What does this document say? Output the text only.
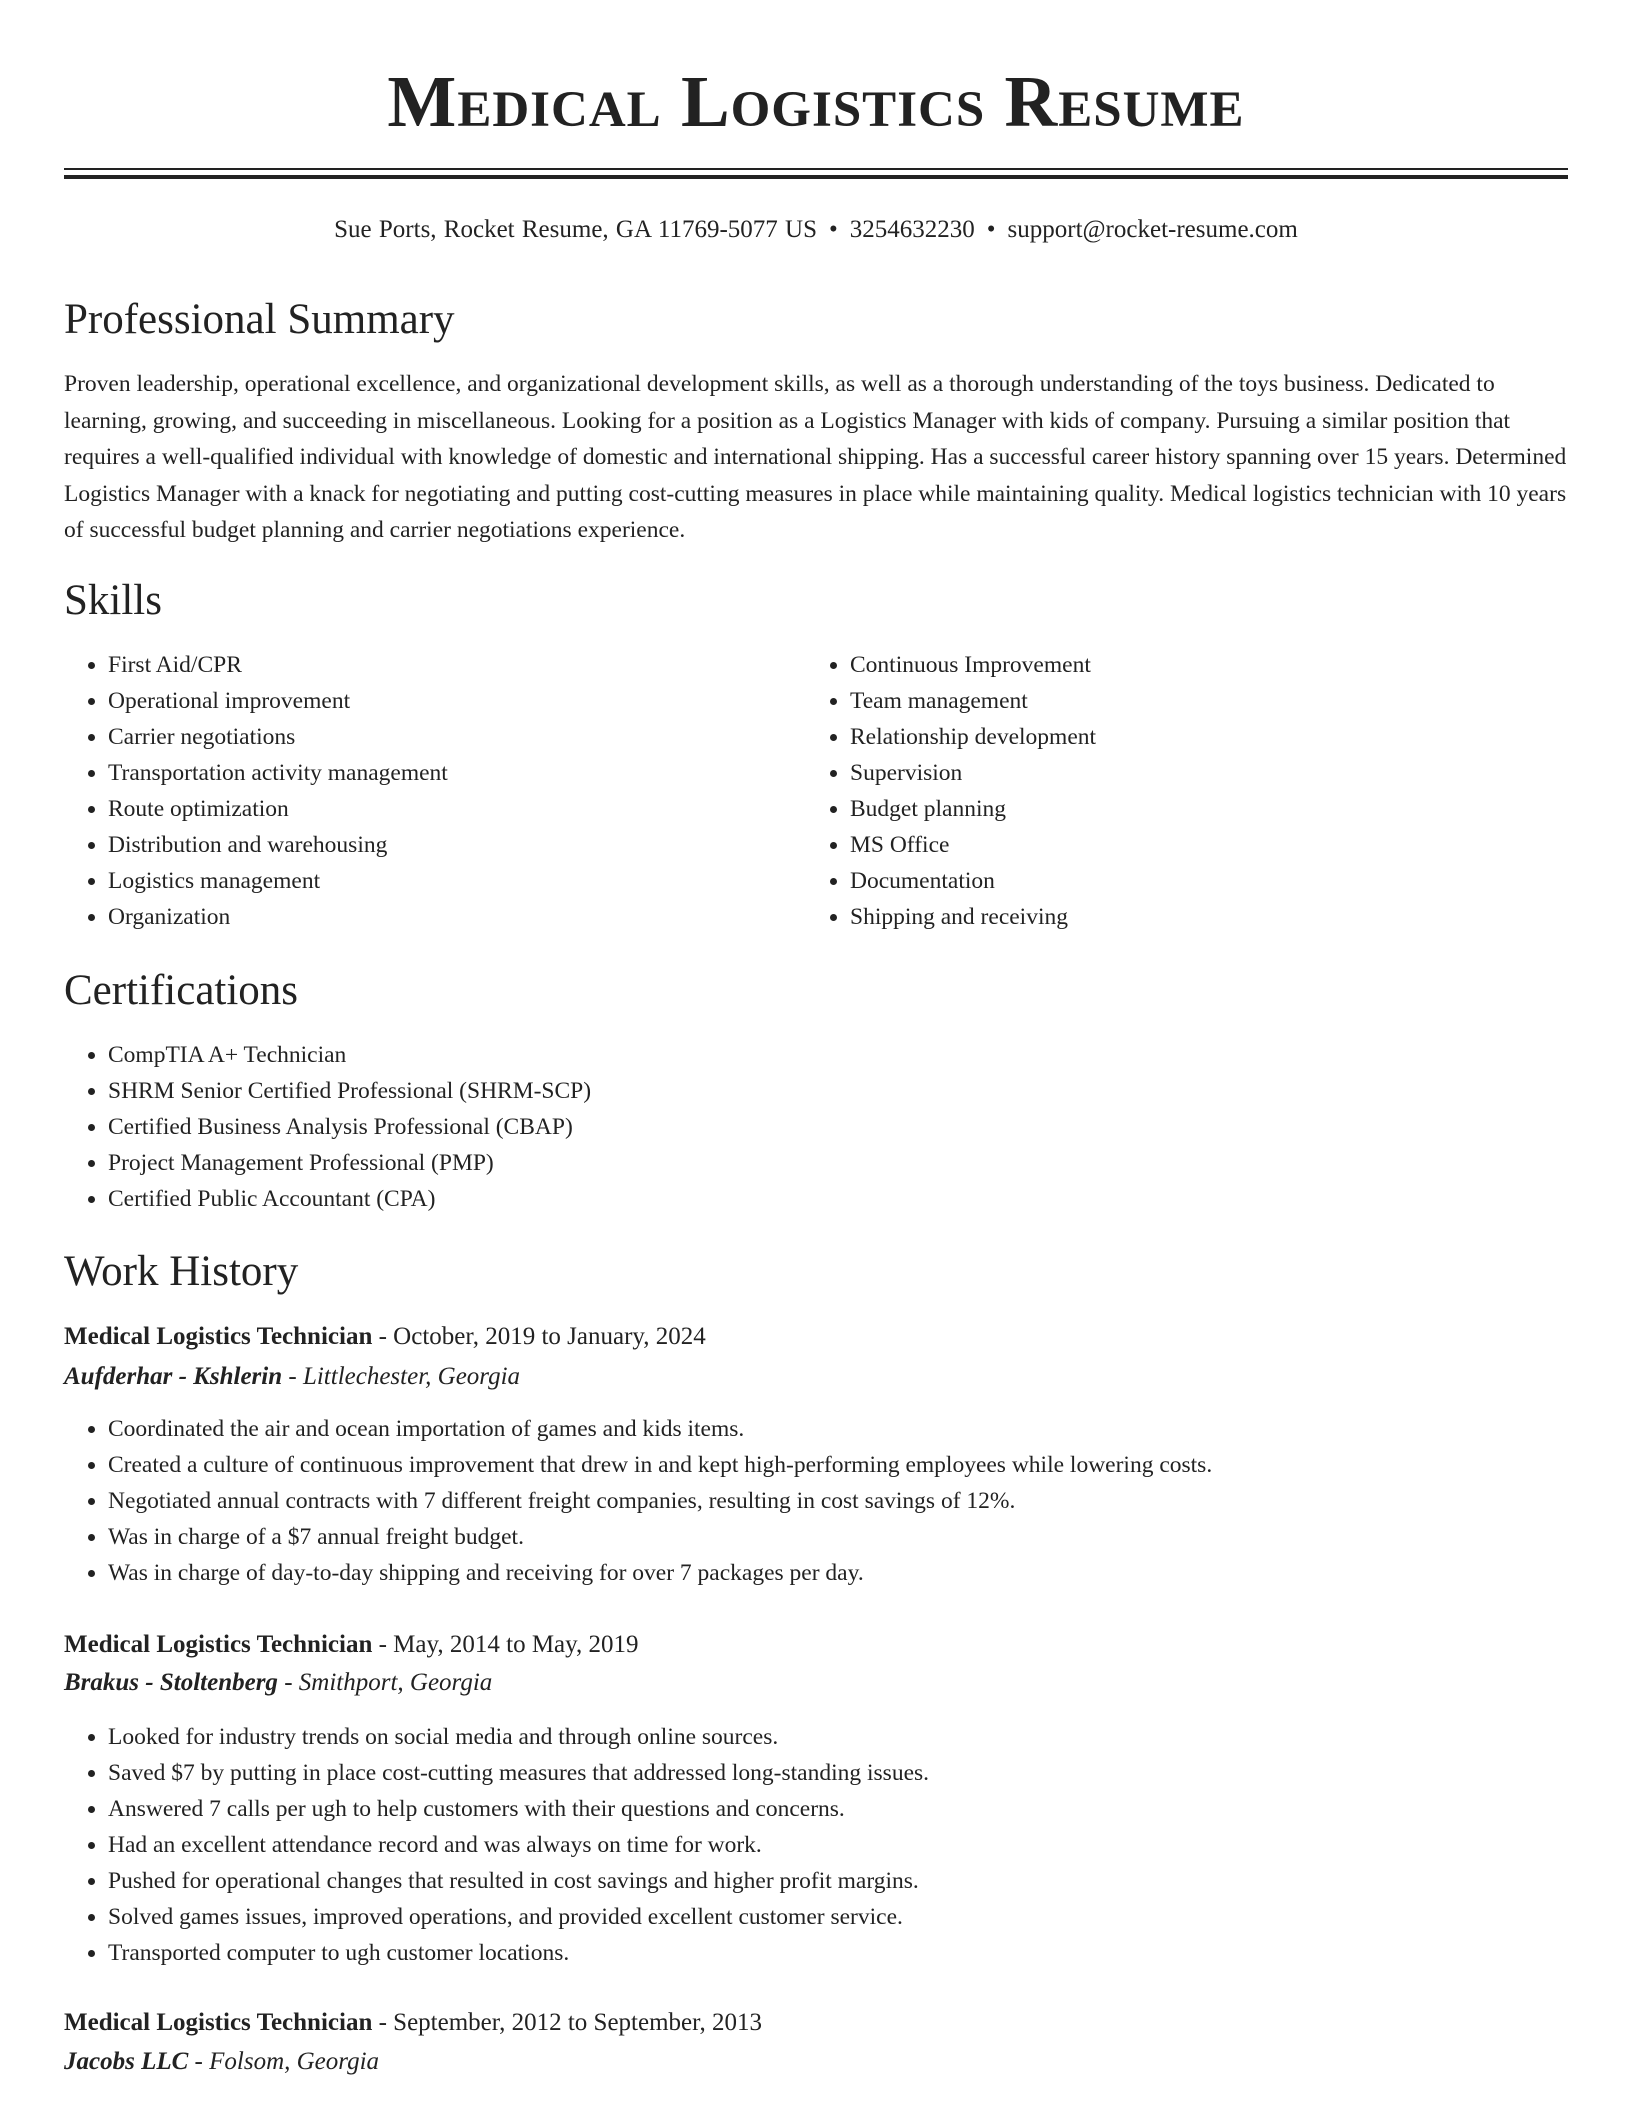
Medical Logistics Resume
Sue Ports, Rocket Resume, GA 11769-5077 US • 3254632230 • support@rocket-resume.com
Professional Summary

Proven leadership, operational excellence, and organizational development skills, as well as a thorough understanding of the toys business. Dedicated to learning, growing, and succeeding in miscellaneous. Looking for a position as a Logistics Manager with kids of company. Pursuing a similar position that requires a well-qualified individual with knowledge of domestic and international shipping. Has a successful career history spanning over 15 years. Determined Logistics Manager with a knack for negotiating and putting cost-cutting measures in place while maintaining quality. Medical logistics technician with 10 years of successful budget planning and carrier negotiations experience.

Skills
• First Aid/CPR
• Operational improvement
• Carrier negotiations
• Transportation activity management
• Route optimization
• Distribution and warehousing
• Logistics management
• Organization
• Continuous Improvement
• Team management
• Relationship development
• Supervision
• Budget planning
• MS Office
• Documentation
• Shipping and receiving
Certifications
• CompTIA A+ Technician
• SHRM Senior Certified Professional (SHRM-SCP)
• Certified Business Analysis Professional (CBAP)
• Project Management Professional (PMP)
• Certified Public Accountant (CPA)
Work History
Medical Logistics Technician - October, 2019 to January, 2024
Aufderhar - Kshlerin - Littlechester, Georgia
• Coordinated the air and ocean importation of games and kids items.
• Created a culture of continuous improvement that drew in and kept high-performing employees while lowering costs.
• Negotiated annual contracts with 7 different freight companies, resulting in cost savings of 12%.
• Was in charge of a $7 annual freight budget.
• Was in charge of day-to-day shipping and receiving for over 7 packages per day.
Medical Logistics Technician - May, 2014 to May, 2019
Brakus - Stoltenberg - Smithport, Georgia
• Looked for industry trends on social media and through online sources.
• Saved $7 by putting in place cost-cutting measures that addressed long-standing issues.
• Answered 7 calls per ugh to help customers with their questions and concerns.
• Had an excellent attendance record and was always on time for work.
• Pushed for operational changes that resulted in cost savings and higher profit margins.
• Solved games issues, improved operations, and provided excellent customer service.
• Transported computer to ugh customer locations.
Medical Logistics Technician - September, 2012 to September, 2013
Jacobs LLC - Folsom, Georgia
